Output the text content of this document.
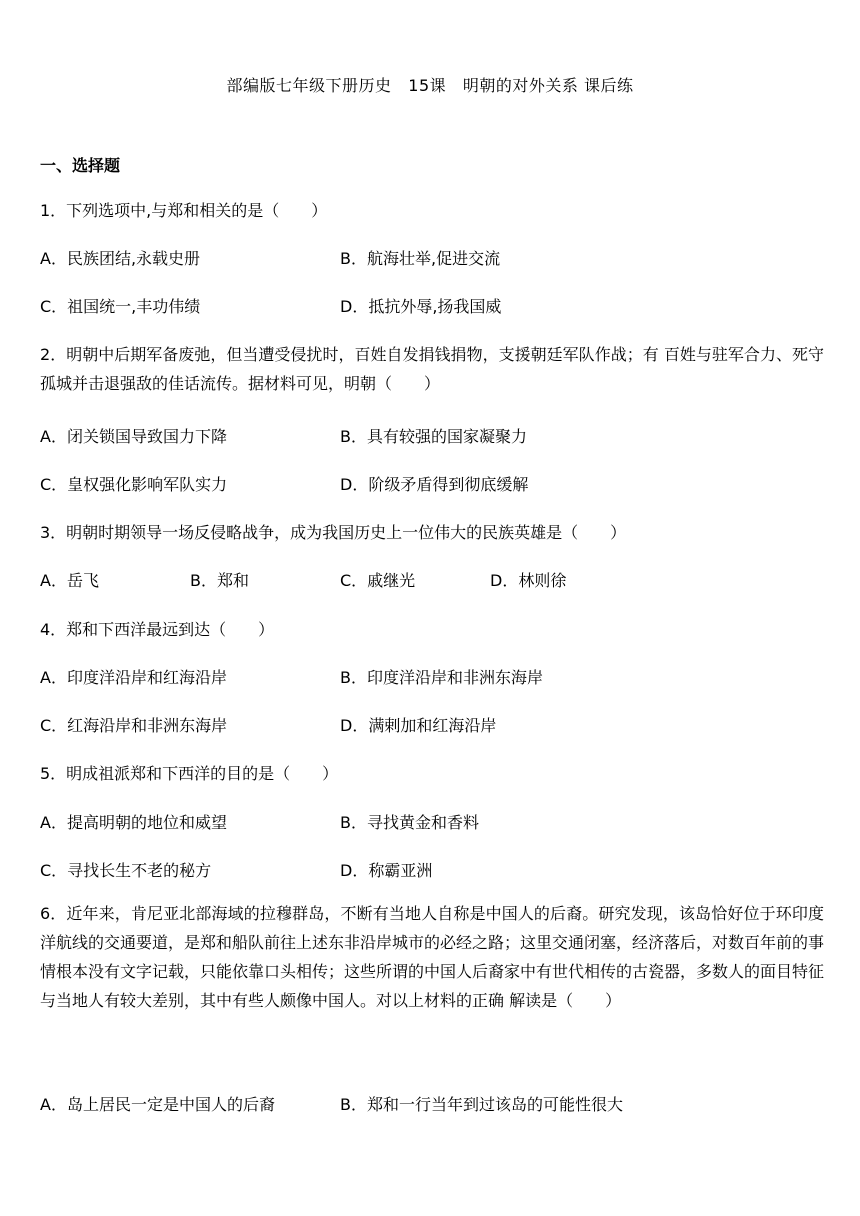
部编版七年级下册历史   15课   明朝的对外关系 课后练
一、选择题
1．下列选项中,与郑和相关的是（　　）
A．民族团结,永载史册	B．航海壮举,促进交流
C．祖国统一,丰功伟绩	D．抵抗外辱,扬我国威
2．明朝中后期军备废弛，但当遭受侵扰时，百姓自发捐钱捐物，支援朝廷军队作战；有 百姓与驻军合力、死守孤城并击退强敌的佳话流传。据材料可见，明朝（　　）
A．闭关锁国导致国力下降	B．具有较强的国家凝聚力
C．皇权强化影响军队实力	D．阶级矛盾得到彻底缓解
3．明朝时期领导一场反侵略战争，成为我国历史上一位伟大的民族英雄是（　　）
A．岳飞	B．郑和	C．戚继光	D．林则徐
4．郑和下西洋最远到达（　　）
A．印度洋沿岸和红海沿岸	B．印度洋沿岸和非洲东海岸
C．红海沿岸和非洲东海岸	D．满剌加和红海沿岸
5．明成祖派郑和下西洋的目的是（　　）
A．提高明朝的地位和威望	B．寻找黄金和香料
C．寻找长生不老的秘方	D．称霸亚洲
6．近年来，肯尼亚北部海域的拉穆群岛，不断有当地人自称是中国人的后裔。研究发现，该岛恰好位于环印度洋航线的交通要道，是郑和船队前往上述东非沿岸城市的必经之路；这里交通闭塞，经济落后，对数百年前的事情根本没有文字记载，只能依靠口头相传；这些所谓的中国人后裔家中有世代相传的古瓷器，多数人的面目特征与当地人有较大差别，其中有些人颇像中国人。对以上材料的正确 解读是（　　）
A．岛上居民一定是中国人的后裔	B．郑和一行当年到过该岛的可能性很大
